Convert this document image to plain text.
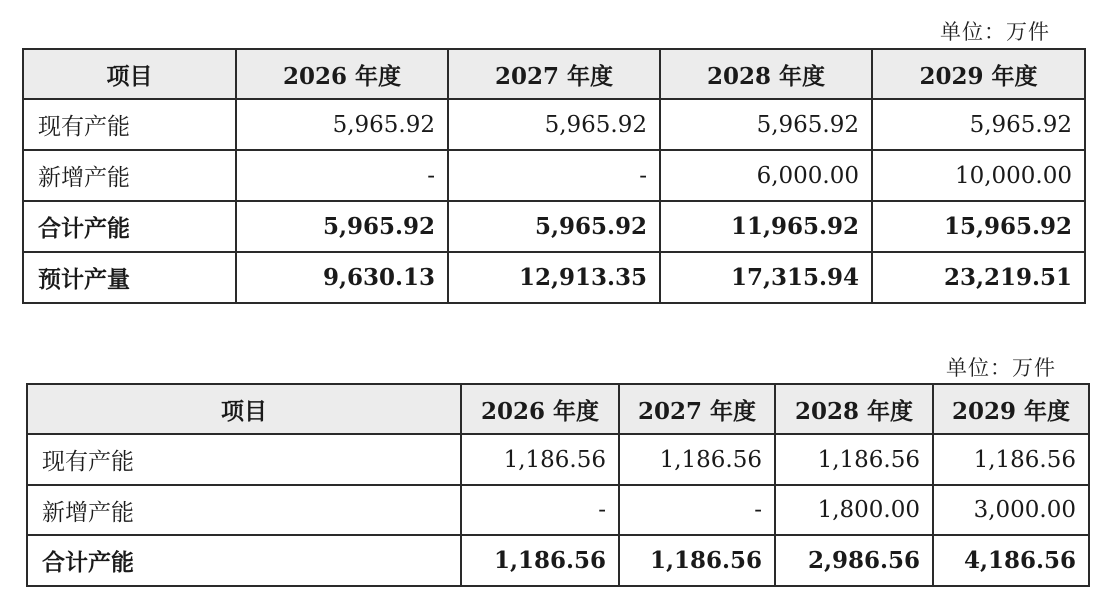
单位：万件
项目	2026 年度	2027 年度	2028 年度	2029 年度
现有产能	5,965.92	5,965.92	5,965.92	5,965.92
新增产能	-	-	6,000.00	10,000.00
合计产能	5,965.92	5,965.92	11,965.92	15,965.92
预计产量	9,630.13	12,913.35	17,315.94	23,219.51
单位：万件
项目	2026 年度	2027 年度	2028 年度	2029 年度
现有产能	1,186.56	1,186.56	1,186.56	1,186.56
新增产能	-	-	1,800.00	3,000.00
合计产能	1,186.56	1,186.56	2,986.56	4,186.56
